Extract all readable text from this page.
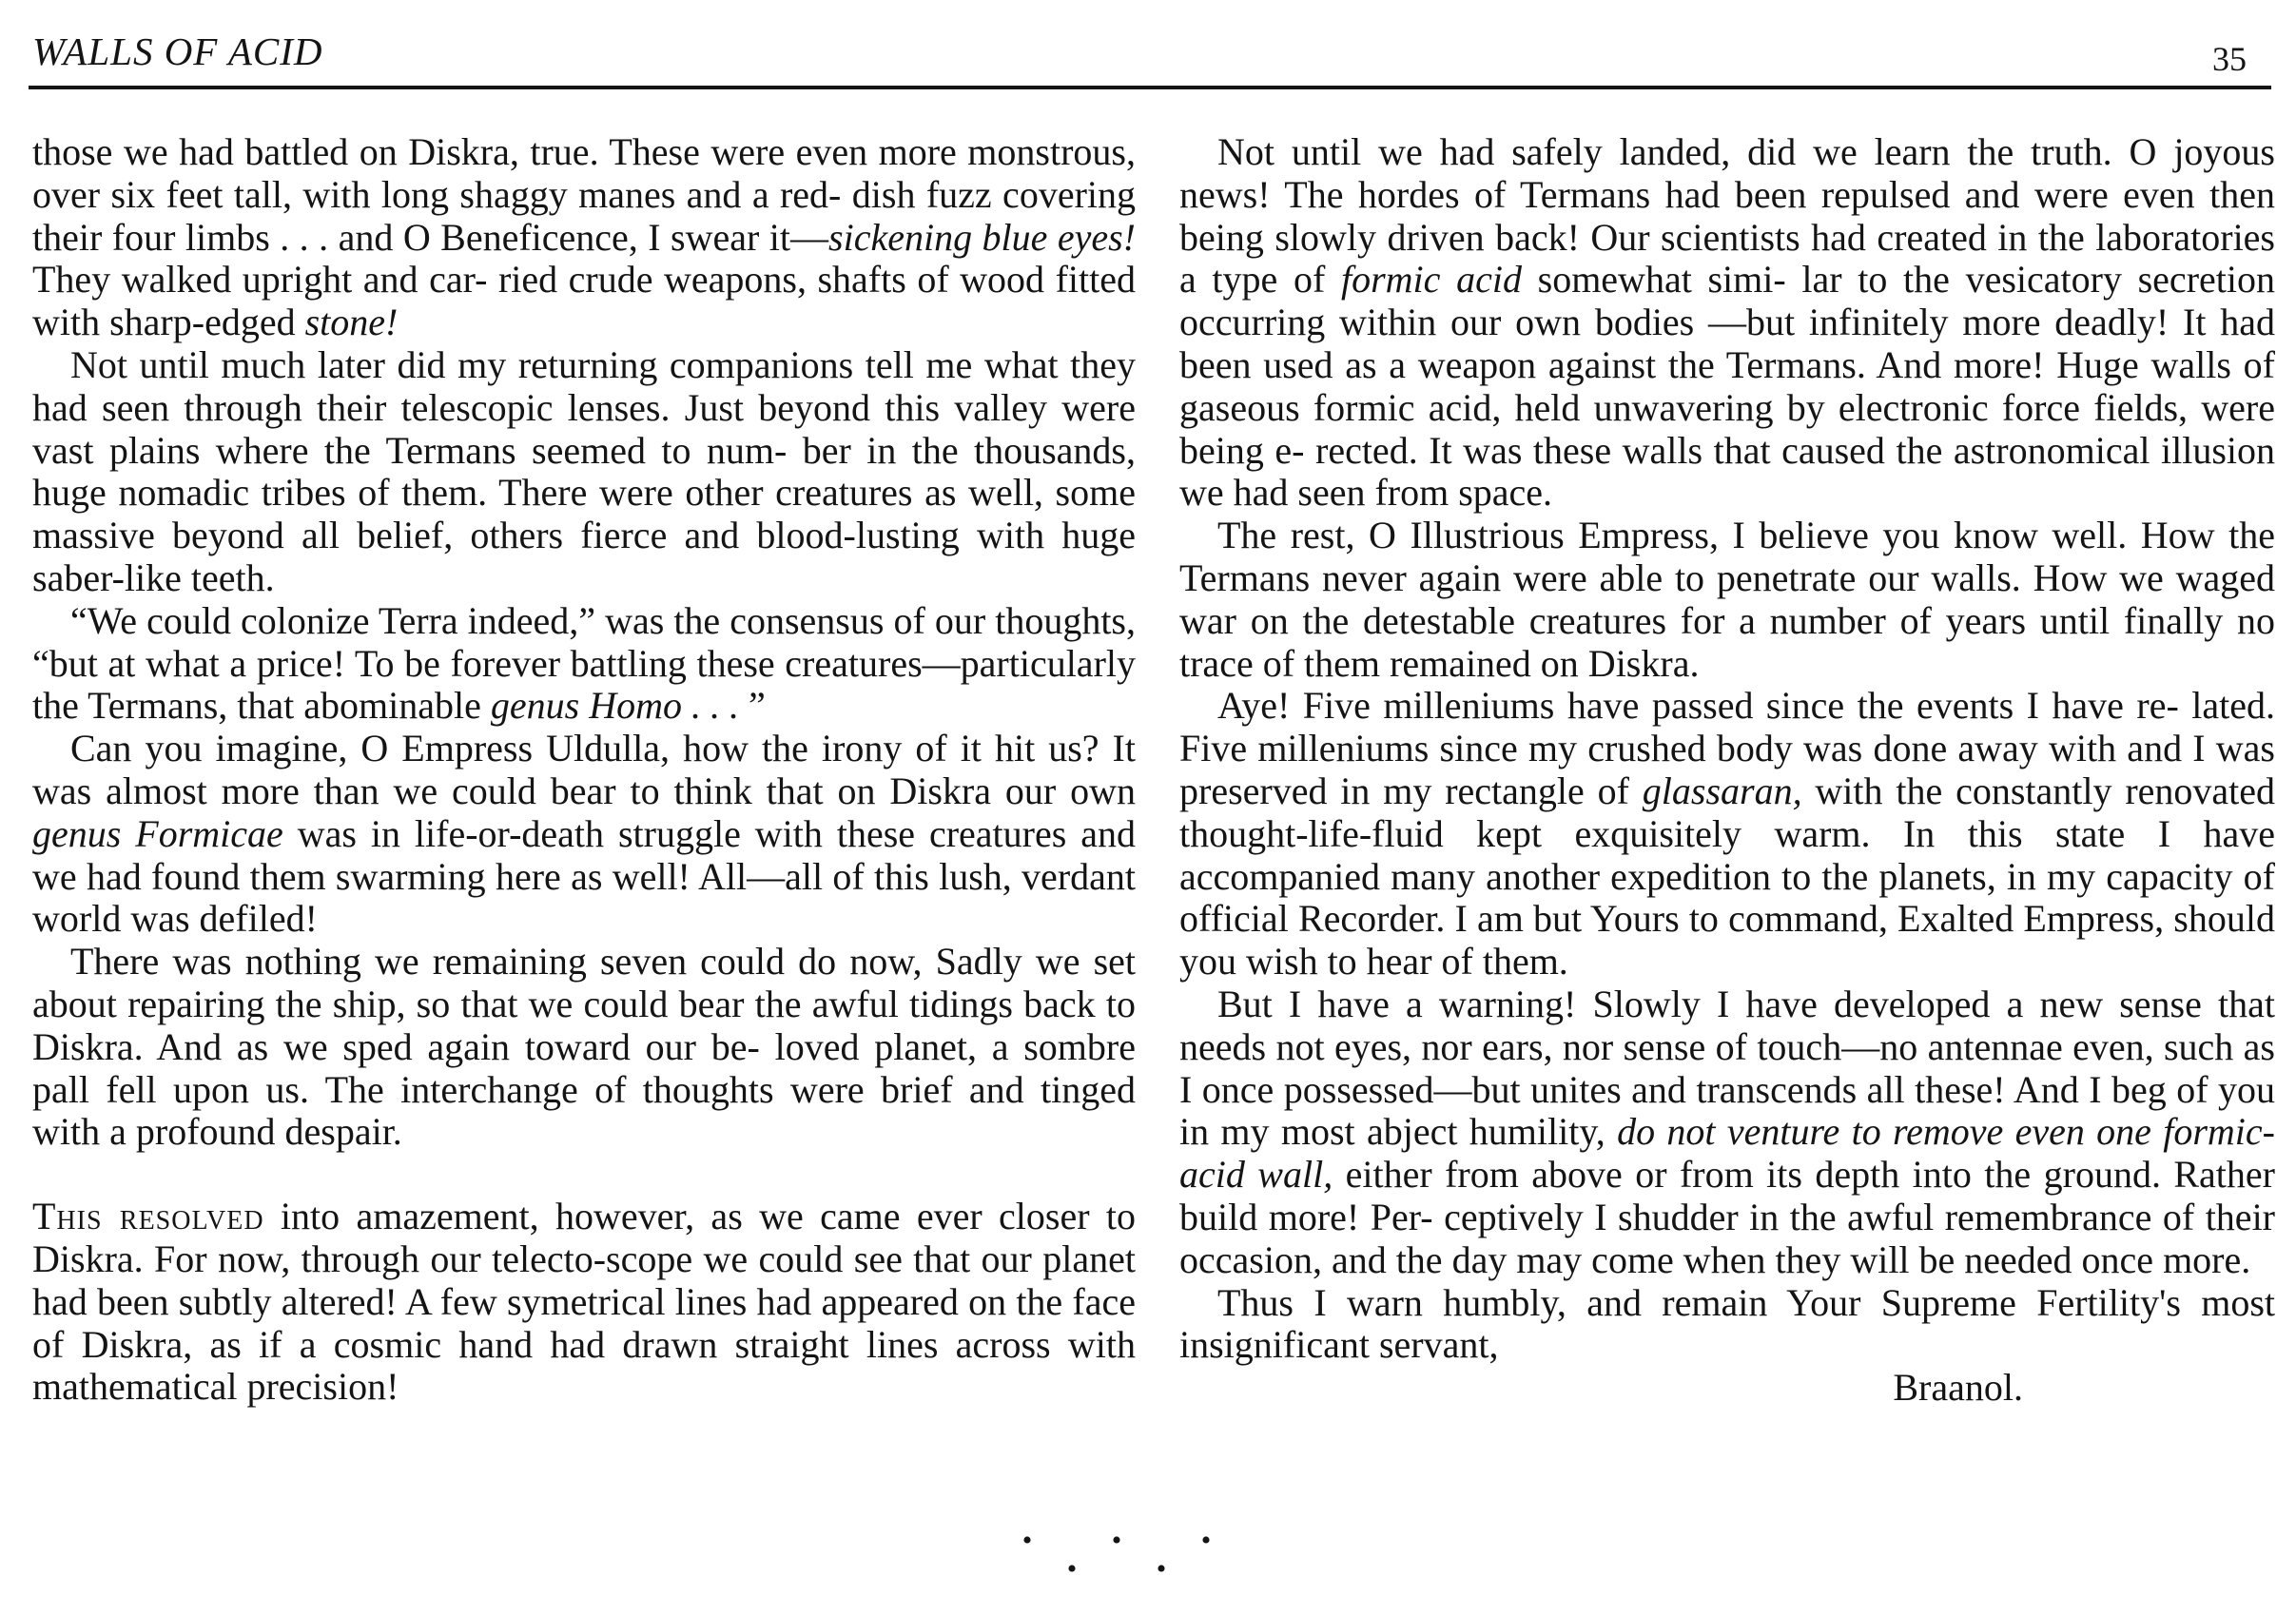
WALLS OF ACID	35

those we had battled on Diskra, true. These were even more monstrous, over six feet tall, with long shaggy manes and a red- dish fuzz covering their four limbs . . . and O Beneficence, I swear it—sickening blue eyes! They walked upright and car- ried crude weapons, shafts of wood fitted with sharp-edged stone!

Not until much later did my returning companions tell me what they had seen through their telescopic lenses. Just beyond this valley were vast plains where the Termans seemed to num- ber in the thousands, huge nomadic tribes of them. There were other creatures as well, some massive beyond all belief, others fierce and blood-lusting with huge saber-like teeth.

“We could colonize Terra indeed,” was the consensus of our thoughts, “but at what a price! To be forever battling these creatures—particularly the Termans, that abominable genus Homo . . . ”

Can you imagine, O Empress Uldulla, how the irony of it hit us? It was almost more than we could bear to think that on Diskra our own genus Formicae was in life-or-death struggle with these creatures and we had found them swarming here as well! All—all of this lush, verdant world was defiled!

There was nothing we remaining seven could do now, Sadly we set about repairing the ship, so that we could bear the awful tidings back to Diskra. And as we sped again toward our be- loved planet, a sombre pall fell upon us. The interchange of thoughts were brief and tinged with a profound despair.

This resolved into amazement, however, as we came ever closer to Diskra. For now, through our telecto-scope we could see that our planet had been subtly altered! A few symetrical lines had appeared on the face of Diskra, as if a cosmic hand had drawn straight lines across with mathematical precision!

Not until we had safely landed, did we learn the truth. O joyous news! The hordes of Termans had been repulsed and were even then being slowly driven back! Our scientists had created in the laboratories a type of formic acid somewhat simi- lar to the vesicatory secretion occurring within our own bodies —but infinitely more deadly! It had been used as a weapon against the Termans. And more! Huge walls of gaseous formic acid, held unwavering by electronic force fields, were being e- rected. It was these walls that caused the astronomical illusion we had seen from space.

The rest, O Illustrious Empress, I believe you know well. How the Termans never again were able to penetrate our walls. How we waged war on the detestable creatures for a number of years until finally no trace of them remained on Diskra.

Aye! Five milleniums have passed since the events I have re- lated. Five milleniums since my crushed body was done away with and I was preserved in my rectangle of glassaran, with the constantly renovated thought-life-fluid kept exquisitely warm. In this state I have accompanied many another expedition to the planets, in my capacity of official Recorder. I am but Yours to command, Exalted Empress, should you wish to hear of them.

But I have a warning! Slowly I have developed a new sense that needs not eyes, nor ears, nor sense of touch—no antennae even, such as I once possessed—but unites and transcends all these! And I beg of you in my most abject humility, do not venture to remove even one formic-acid wall, either from above or from its depth into the ground. Rather build more! Per- ceptively I shudder in the awful remembrance of their occasion, and the day may come when they will be needed once more.

Thus I warn humbly, and remain Your Supreme Fertility's most insignificant servant,

Braanol.

• • • • •
